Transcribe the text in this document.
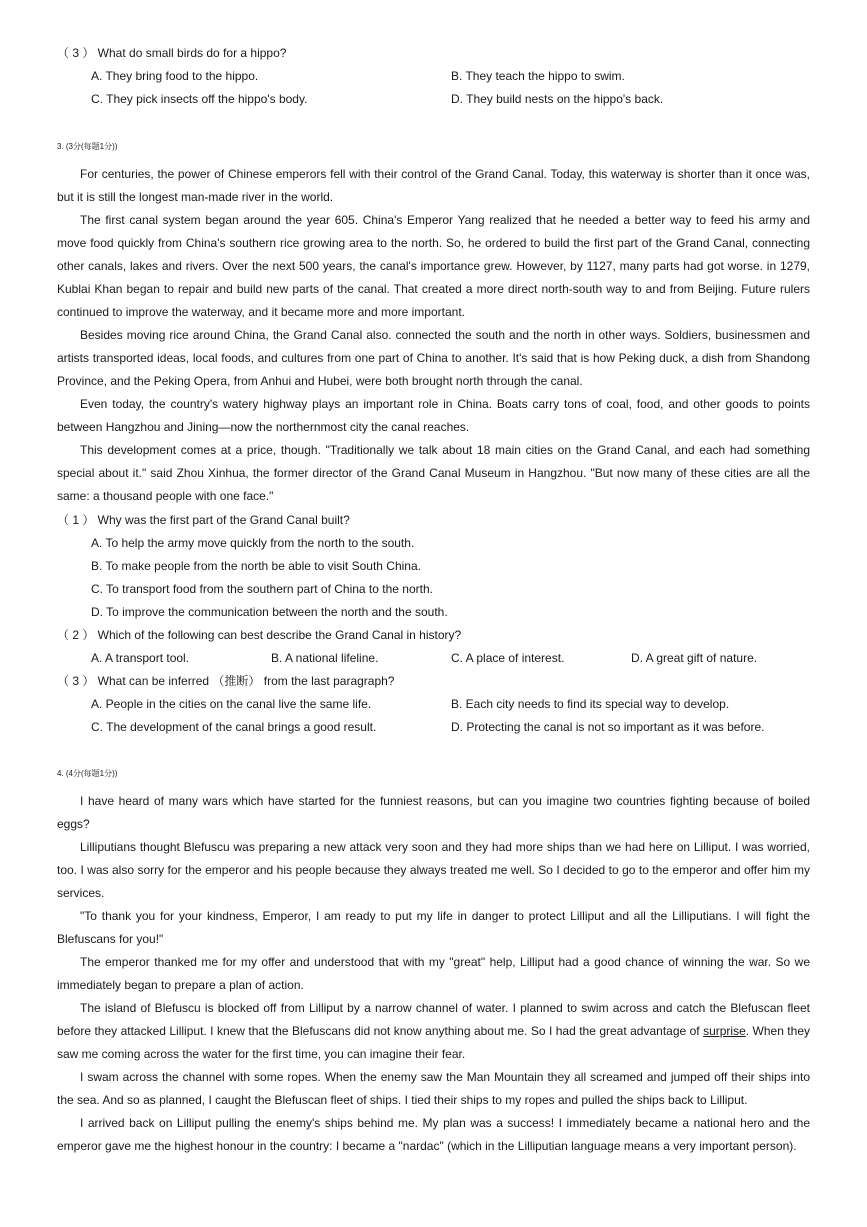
（ 3 ） What do small birds do for a hippo?
A. They bring food to the hippo.	B. They teach the hippo to swim.
C. They pick insects off the hippo's body.	D. They build nests on the hippo's back.
3. (3分(每题1分))
For centuries, the power of Chinese emperors fell with their control of the Grand Canal. Today, this waterway is shorter than it once was, but it is still the longest man-made river in the world.
The first canal system began around the year 605. China's Emperor Yang realized that he needed a better way to feed his army and move food quickly from China's southern rice growing area to the north. So, he ordered to build the first part of the Grand Canal, connecting other canals, lakes and rivers. Over the next 500 years, the canal's importance grew. However, by 1127, many parts had got worse. in 1279, Kublai Khan began to repair and build new parts of the canal. That created a more direct north-south way to and from Beijing. Future rulers continued to improve the waterway, and it became more and more important.
Besides moving rice around China, the Grand Canal also. connected the south and the north in other ways. Soldiers, businessmen and artists transported ideas, local foods, and cultures from one part of China to another. It's said that is how Peking duck, a dish from Shandong Province, and the Peking Opera, from Anhui and Hubei, were both brought north through the canal.
Even today, the country's watery highway plays an important role in China. Boats carry tons of coal, food, and other goods to points between Hangzhou and Jining—now the northernmost city the canal reaches.
This development comes at a price, though. "Traditionally we talk about 18 main cities on the Grand Canal, and each had something special about it." said Zhou Xinhua, the former director of the Grand Canal Museum in Hangzhou. "But now many of these cities are all the same: a thousand people with one face."
（ 1 ） Why was the first part of the Grand Canal built?
A. To help the army move quickly from the north to the south.
B. To make people from the north be able to visit South China.
C. To transport food from the southern part of China to the north.
D. To improve the communication between the north and the south.
（ 2 ） Which of the following can best describe the Grand Canal in history?
A. A transport tool.	B. A national lifeline.	C. A place of interest.	D. A great gift of nature.
（ 3 ） What can be inferred （推断） from the last paragraph?
A. People in the cities on the canal live the same life.	B. Each city needs to find its special way to develop.
C. The development of the canal brings a good result.	D. Protecting the canal is not so important as it was before.
4. (4分(每题1分))
I have heard of many wars which have started for the funniest reasons, but can you imagine two countries fighting because of boiled eggs?
Lilliputians thought Blefuscu was preparing a new attack very soon and they had more ships than we had here on Lilliput. I was worried, too. I was also sorry for the emperor and his people because they always treated me well. So I decided to go to the emperor and offer him my services.
"To thank you for your kindness, Emperor, I am ready to put my life in danger to protect Lilliput and all the Lilliputians. I will fight the Blefuscans for you!"
The emperor thanked me for my offer and understood that with my "great" help, Lilliput had a good chance of winning the war. So we immediately began to prepare a plan of action.
The island of Blefuscu is blocked off from Lilliput by a narrow channel of water. I planned to swim across and catch the Blefuscan fleet before they attacked Lilliput. I knew that the Blefuscans did not know anything about me. So I had the great advantage of surprise. When they saw me coming across the water for the first time, you can imagine their fear.
I swam across the channel with some ropes. When the enemy saw the Man Mountain they all screamed and jumped off their ships into the sea. And so as planned, I caught the Blefuscan fleet of ships. I tied their ships to my ropes and pulled the ships back to Lilliput.
I arrived back on Lilliput pulling the enemy's ships behind me. My plan was a success! I immediately became a national hero and the emperor gave me the highest honour in the country: I became a "nardac" (which in the Lilliputian language means a very important person).
